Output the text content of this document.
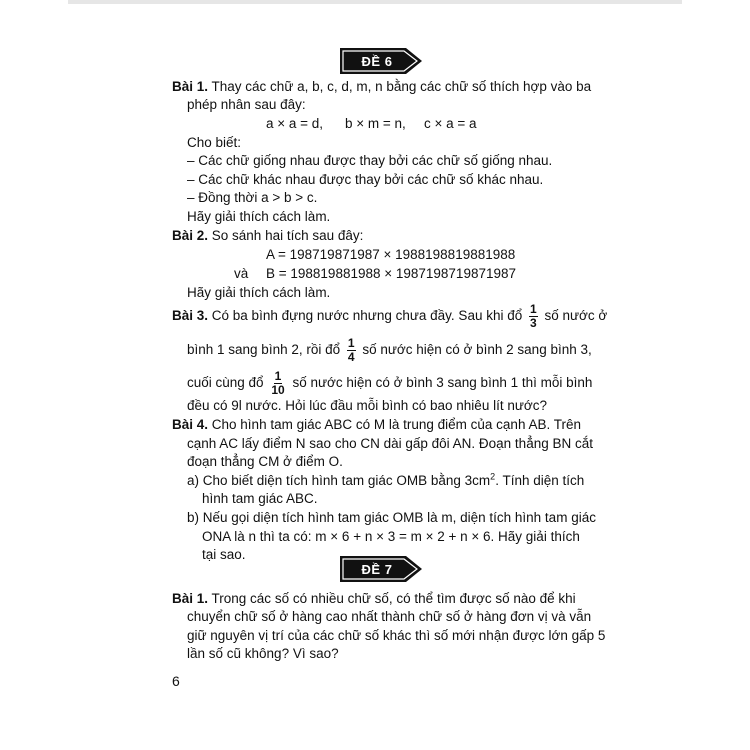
ĐỀ 6
Bài 1. Thay các chữ a, b, c, d, m, n bằng các chữ số thích hợp vào ba
phép nhân sau đây:
a × a = d, b × m = n, c × a = a
Cho biết:
– Các chữ giống nhau được thay bởi các chữ số giống nhau.
– Các chữ khác nhau được thay bởi các chữ số khác nhau.
– Đồng thời a > b > c.
Hãy giải thích cách làm.
Bài 2. So sánh hai tích sau đây:
A = 198719871987 × 1988198819881988
và B = 198819881988 × 1987198719871987
Hãy giải thích cách làm.
Bài 3. Có ba bình đựng nước nhưng chưa đầy. Sau khi đổ $\frac{1}{3}$ số nước ở
bình 1 sang bình 2, rồi đổ $\frac{1}{4}$ số nước hiện có ở bình 2 sang bình 3,
cuối cùng đổ $\frac{1}{10}$ số nước hiện có ở bình 3 sang bình 1 thì mỗi bình
đều có 9l nước. Hỏi lúc đầu mỗi bình có bao nhiêu lít nước?
Bài 4. Cho hình tam giác ABC có M là trung điểm của cạnh AB. Trên
cạnh AC lấy điểm N sao cho CN dài gấp đôi AN. Đoạn thẳng BN cắt
đoạn thẳng CM ở điểm O.
a) Cho biết diện tích hình tam giác OMB bằng $3cm^2$. Tính diện tích
hình tam giác ABC.
b) Nếu gọi diện tích hình tam giác OMB là m, diện tích hình tam giác
ONA là n thì ta có: m × 6 + n × 3 = m × 2 + n × 6. Hãy giải thích
tại sao.
ĐỀ 7
Bài 1. Trong các số có nhiều chữ số, có thể tìm được số nào để khi
chuyển chữ số ở hàng cao nhất thành chữ số ở hàng đơn vị và vẫn
giữ nguyên vị trí của các chữ số khác thì số mới nhận được lớn gấp 5
lần số cũ không? Vì sao?
6
